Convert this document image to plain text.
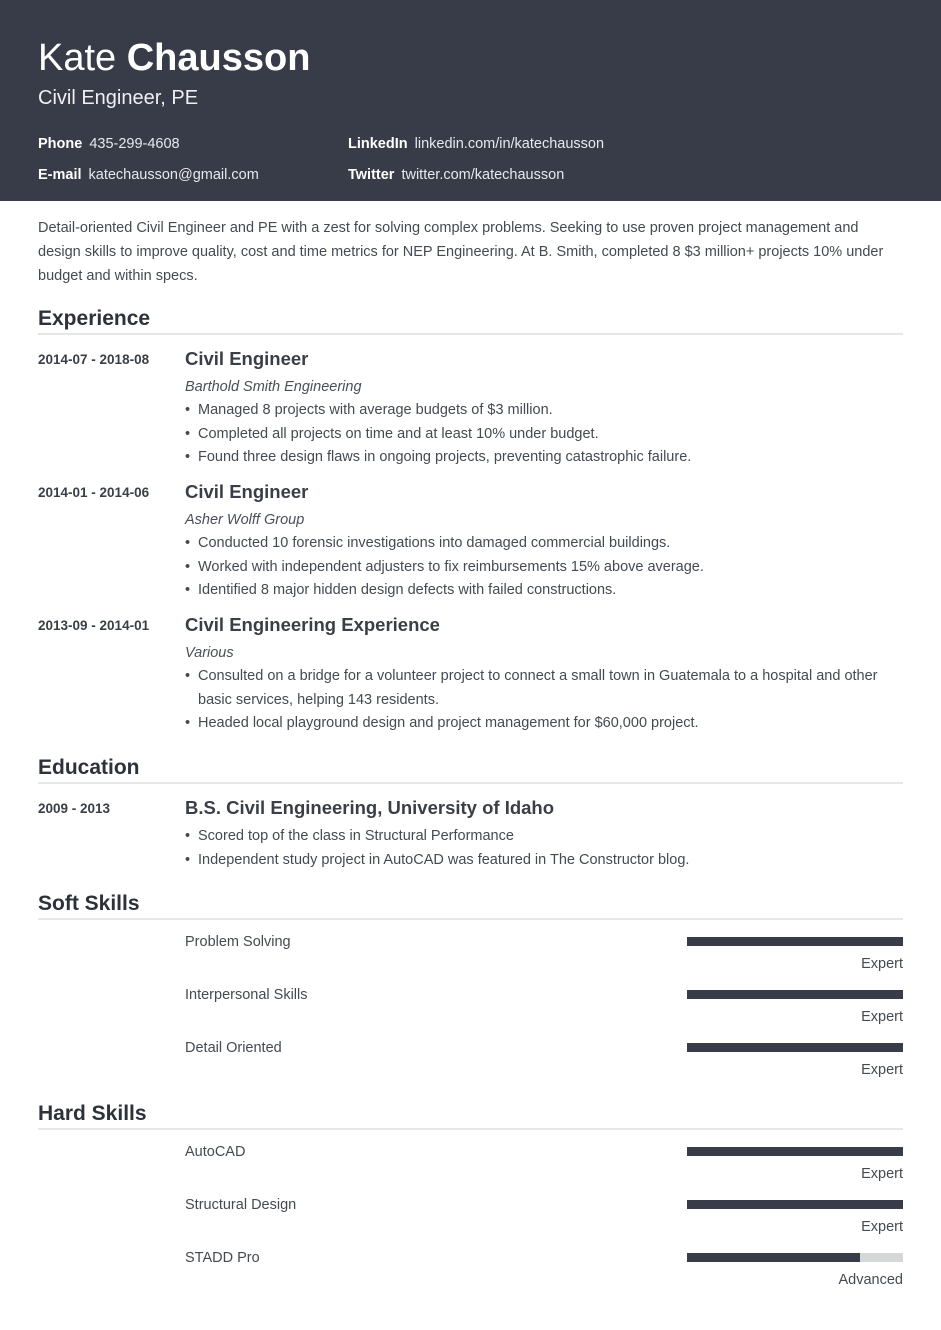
Kate Chausson
Civil Engineer, PE
Phone 435-299-4608
E-mail katechausson@gmail.com
LinkedIn linkedin.com/in/katechausson
Twitter twitter.com/katechausson

Detail-oriented Civil Engineer and PE with a zest for solving complex problems. Seeking to use proven project management and design skills to improve quality, cost and time metrics for NEP Engineering. At B. Smith, completed 8 $3 million+ projects 10% under budget and within specs.

Experience
2014-07 - 2018-08 Civil Engineer
Barthold Smith Engineering
• Managed 8 projects with average budgets of $3 million.
• Completed all projects on time and at least 10% under budget.
• Found three design flaws in ongoing projects, preventing catastrophic failure.
2014-01 - 2014-06 Civil Engineer
Asher Wolff Group
• Conducted 10 forensic investigations into damaged commercial buildings.
• Worked with independent adjusters to fix reimbursements 15% above average.
• Identified 8 major hidden design defects with failed constructions.
2013-09 - 2014-01 Civil Engineering Experience
Various
• Consulted on a bridge for a volunteer project to connect a small town in Guatemala to a hospital and other basic services, helping 143 residents.
• Headed local playground design and project management for $60,000 project.
Education
2009 - 2013	B.S. Civil Engineering, University of Idaho
• Scored top of the class in Structural Performance
• Independent study project in AutoCAD was featured in The Constructor blog.
Soft Skills
Problem Solving
Expert
Interpersonal Skills
Expert
Detail Oriented
Expert
Hard Skills
AutoCAD
Expert
Structural Design
Expert
STADD Pro
Advanced
